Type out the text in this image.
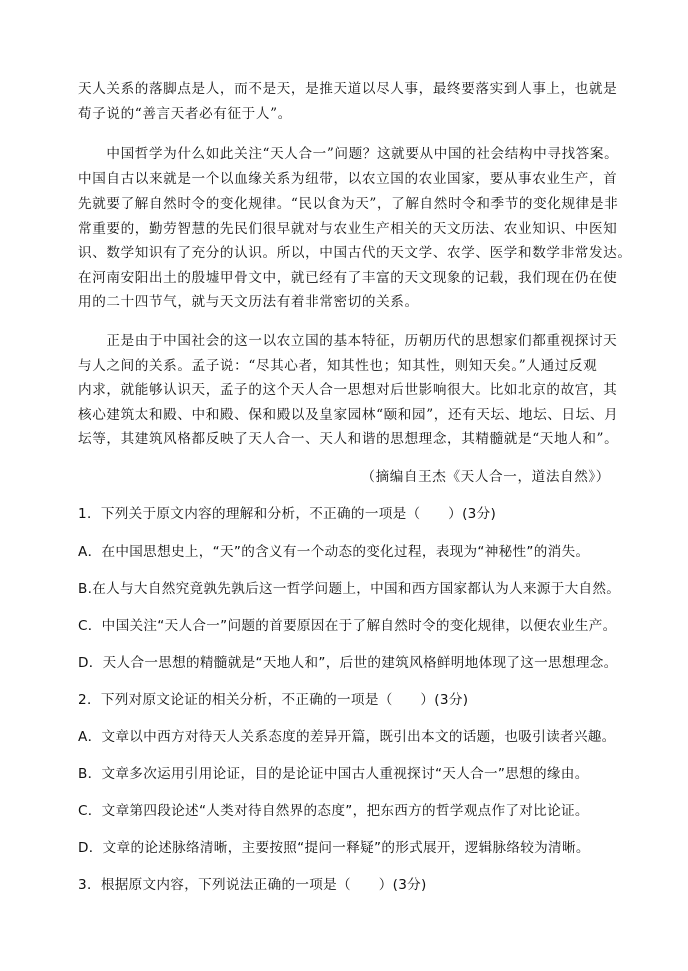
天人关系的落脚点是人，而不是天，是推天道以尽人事，最终要落实到人事上，也就是
荀子说的“善言天者必有征于人”。
　　中国哲学为什么如此关注“天人合一”问题？这就要从中国的社会结构中寻找答案。
中国自古以来就是一个以血缘关系为纽带，以农立国的农业国家，要从事农业生产，首
先就要了解自然时令的变化规律。“民以食为天”，了解自然时令和季节的变化规律是非
常重要的，勤劳智慧的先民们很早就对与农业生产相关的天文历法、农业知识、中医知
识、数学知识有了充分的认识。所以，中国古代的天文学、农学、医学和数学非常发达。
在河南安阳出土的殷墟甲骨文中，就已经有了丰富的天文现象的记载，我们现在仍在使
用的二十四节气，就与天文历法有着非常密切的关系。
　　正是由于中国社会的这一以农立国的基本特征，历朝历代的思想家们都重视探讨天
与人之间的关系。孟子说：“尽其心者，知其性也；知其性，则知天矣。”人通过反观
内求，就能够认识天，孟子的这个天人合一思想对后世影响很大。比如北京的故宫，其
核心建筑太和殿、中和殿、保和殿以及皇家园林“颐和园”，还有天坛、地坛、日坛、月
坛等，其建筑风格都反映了天人合一、天人和谐的思想理念，其精髓就是“天地人和”。
（摘编自王杰《天人合一，道法自然》）
1．下列关于原文内容的理解和分析，不正确的一项是（　　）(3分)
A．在中国思想史上，“天”的含义有一个动态的变化过程，表现为“神秘性”的消失。
B.在人与大自然究竟孰先孰后这一哲学问题上，中国和西方国家都认为人来源于大自然。
C．中国关注“天人合一”问题的首要原因在于了解自然时令的变化规律，以便农业生产。
D．天人合一思想的精髓就是“天地人和”，后世的建筑风格鲜明地体现了这一思想理念。
2．下列对原文论证的相关分析，不正确的一项是（　　）(3分)
A．文章以中西方对待天人关系态度的差异开篇，既引出本文的话题，也吸引读者兴趣。
B．文章多次运用引用论证，目的是论证中国古人重视探讨“天人合一”思想的缘由。
C．文章第四段论述“人类对待自然界的态度”，把东西方的哲学观点作了对比论证。
D．文章的论述脉络清晰，主要按照“提问一释疑”的形式展开，逻辑脉络较为清晰。
3．根据原文内容，下列说法正确的一项是（　　）(3分)
